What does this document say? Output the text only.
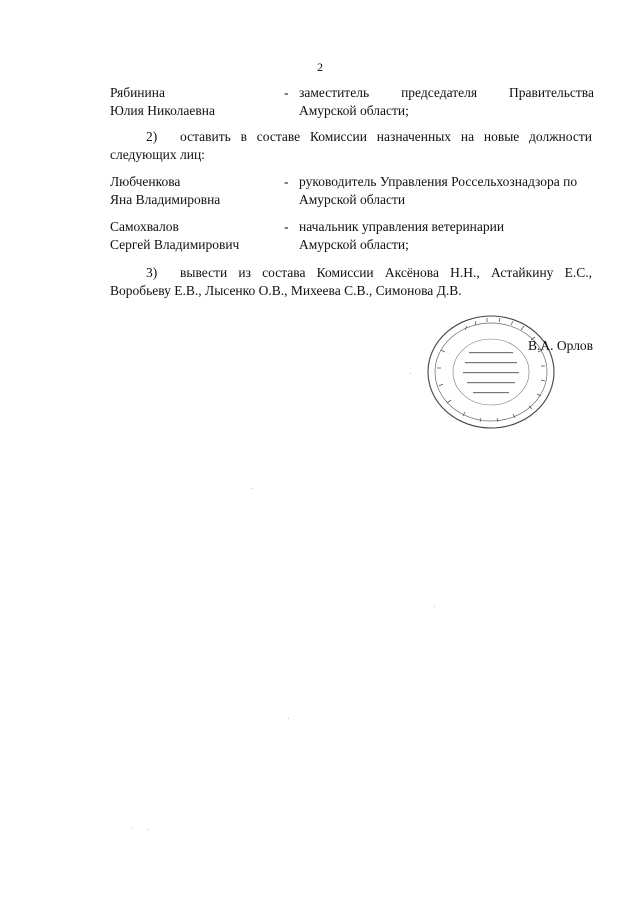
2
Рябинина
Юлия Николаевна
- заместитель председателя Правительства
Амурской области;
2) оставить в составе Комиссии назначенных на новые должности
следующих лиц:
Любченкова
Яна Владимировна
- руководитель Управления Россельхознадзора по
Амурской области
Самохвалов
Сергей Владимирович
- начальник управления ветеринарии
Амурской области;
3) вывести из состава Комиссии Аксёнова Н.Н., Астайкину Е.С.,
Воробьеву Е.В., Лысенко О.В., Михеева С.В., Симонова Д.В.
В.А. Орлов
